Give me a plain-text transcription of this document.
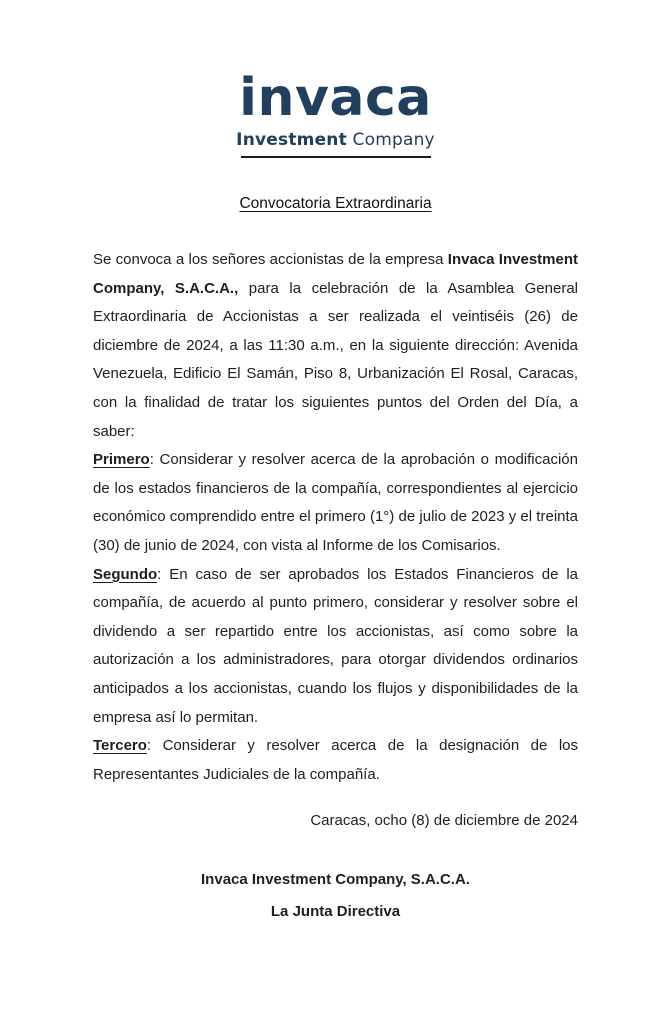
invaca
Investment Company
Convocatoria Extraordinaria

Se convoca a los señores accionistas de la empresa Invaca Investment Company, S.A.C.A., para la celebración de la Asamblea General Extraordinaria de Accionistas a ser realizada el veintiséis (26) de diciembre de 2024, a las 11:30 a.m., en la siguiente dirección: Avenida Venezuela, Edificio El Samán, Piso 8, Urbanización El Rosal, Caracas, con la finalidad de tratar los siguientes puntos del Orden del Día, a saber:

Primero: Considerar y resolver acerca de la aprobación o modificación de los estados financieros de la compañía, correspondientes al ejercicio económico comprendido entre el primero (1°) de julio de 2023 y el treinta (30) de junio de 2024, con vista al Informe de los Comisarios.

Segundo: En caso de ser aprobados los Estados Financieros de la compañía, de acuerdo al punto primero, considerar y resolver sobre el dividendo a ser repartido entre los accionistas, así como sobre la autorización a los administradores, para otorgar dividendos ordinarios anticipados a los accionistas, cuando los flujos y disponibilidades de la empresa así lo permitan.

Tercero: Considerar y resolver acerca de la designación de los Representantes Judiciales de la compañía.

Caracas, ocho (8) de diciembre de 2024

Invaca Investment Company, S.A.C.A.

La Junta Directiva
